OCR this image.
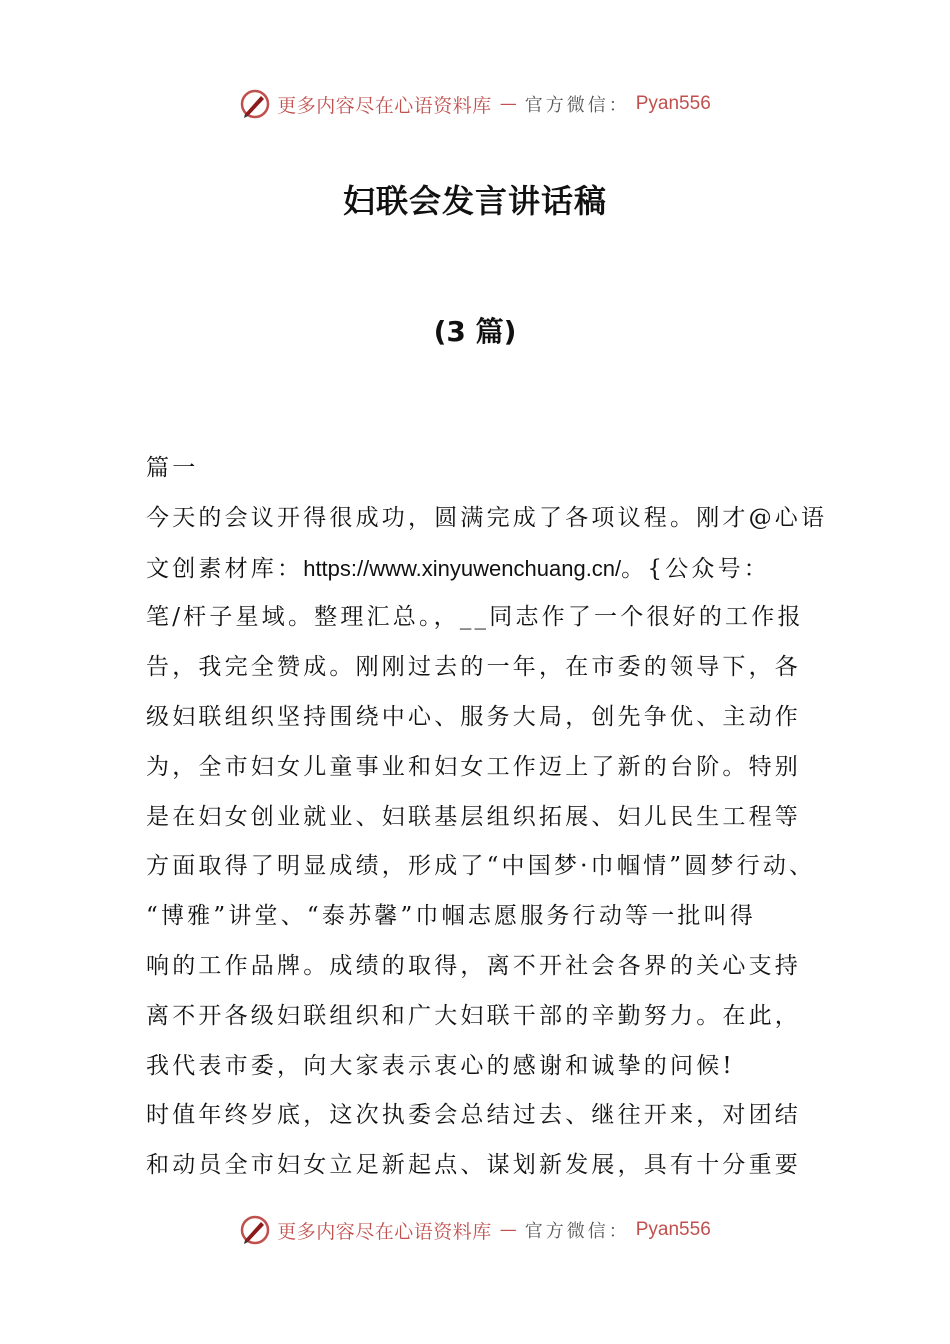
更多内容尽在心语资料库 — 官方微信： Pyan556
妇联会发言讲话稿
(3 篇)
篇一
今天的会议开得很成功，圆满完成了各项议程。刚才@心语
文创素材库：https://www.xinyuwenchuang.cn/。{公众号：
笔/杆子星域。整理汇总。，__同志作了一个很好的工作报
告，我完全赞成。刚刚过去的一年，在市委的领导下，各
级妇联组织坚持围绕中心、服务大局，创先争优、主动作
为，全市妇女儿童事业和妇女工作迈上了新的台阶。特别
是在妇女创业就业、妇联基层组织拓展、妇儿民生工程等
方面取得了明显成绩，形成了“中国梦·巾帼情”圆梦行动、
“博雅”讲堂、“泰苏馨”巾帼志愿服务行动等一批叫得
响的工作品牌。成绩的取得，离不开社会各界的关心支持
离不开各级妇联组织和广大妇联干部的辛勤努力。在此，
我代表市委，向大家表示衷心的感谢和诚挚的问候!
时值年终岁底，这次执委会总结过去、继往开来，对团结
和动员全市妇女立足新起点、谋划新发展，具有十分重要
更多内容尽在心语资料库 — 官方微信： Pyan556
